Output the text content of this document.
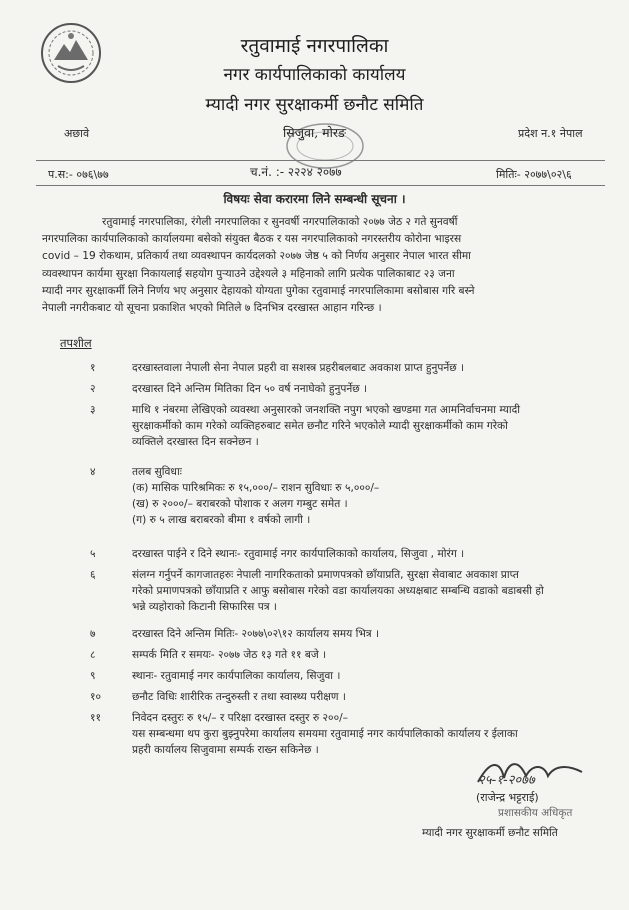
रतुवामाई नगरपालिका
नगर कार्यपालिकाको कार्यालय
म्यादी नगर सुरक्षाकर्मी छनौट समिति
सिजुवा, मोरङ
अछावे	प्रदेश न.१ नेपाल
प.स:- ०७६\७७	च.नं. :- २२२४ २०७७	मितिः- २०७७\०२\६
विषयः सेवा करारमा लिने सम्बन्धी सूचना ।
रतुवामाई नगरपालिका, रंगेली नगरपालिका र सुनवर्षी नगरपालिकाको २०७७ जेठ २ गते सुनवर्षी
नगरपालिका कार्यपालिकाको कार्यालयमा बसेको संयुक्त बैठक र यस नगरपालिकाको नगरस्तरीय कोरोना भाइरस
covid – 19 रोकथाम, प्रतिकार्य तथा व्यवस्थापन कार्यदलको २०७७ जेष्ठ ५ को निर्णय अनुसार नेपाल भारत सीमा
व्यवस्थापन कार्यमा सुरक्षा निकायलाई सहयोग पुऱ्याउने उद्देश्यले ३ महिनाको लागि प्रत्येक पालिकाबाट २३ जना
म्यादी नगर सुरक्षाकर्मी लिने निर्णय भए अनुसार देहायको योग्यता पुगेका रतुवामाई नगरपालिकामा बसोबास गरि बस्ने
नेपाली नगरीकबाट यो सूचना प्रकाशित भएको मितिले ७ दिनभित्र दरखास्त आहान गरिन्छ ।
तपशील
१	दरखास्तवाला नेपाली सेना नेपाल प्रहरी वा सशस्त्र प्रहरीबलबाट अवकाश प्राप्त हुनुपर्नेछ ।
२	दरखास्त दिने अन्तिम मितिका दिन ५० वर्ष ननाघेको हुनुपर्नेछ ।
३	माथि १ नंबरमा लेखिएको व्यवस्था अनुसारको जनशक्ति नपुग भएको खण्डमा गत आमनिर्वाचनमा म्यादी
सुरक्षाकर्मीको काम गरेको व्यक्तिहरुबाट समेत छनौट गरिने भएकोले म्यादी सुरक्षाकर्मीको काम गरेको
व्यक्तिले दरखास्त दिन सक्नेछन ।
४	तलब सुविधाः
(क) मासिक पारिश्रमिकः रु १५,०००/– राशन सुविधाः रु ५,०००/–
(ख) रु २०००/– बराबरको पोशाक र अलग गम्बुट समेत ।
(ग) रु ५ लाख बराबरको बीमा १ वर्षको लागी ।
५	दरखास्त पाईने र दिने स्थानः- रतुवामाई नगर कार्यपालिकाको कार्यालय, सिजुवा , मोरंग ।
६	संलग्न गर्नुपर्ने कागजातहरुः नेपाली नागरिकताको प्रमाणपत्रको छाँयाप्रति, सुरक्षा सेवाबाट अवकाश प्राप्त
गरेको प्रमाणपत्रको छाँयाप्रति र आफु बसोबास गरेको वडा कार्यालयका अध्यक्षबाट सम्बन्धि वडाको बडाबसी हो
भन्ने व्यहोराको किटानी सिफारिस पत्र ।
७	दरखास्त दिने अन्तिम मितिः- २०७७\०२\१२ कार्यालय समय भित्र ।
८	सम्पर्क मिति र समयः- २०७७ जेठ १३ गते ११ बजे ।
९	स्थानः- रतुवामाई नगर कार्यपालिका कार्यालय, सिजुवा ।
१०	छनौट विधिः शारीरिक तन्दुरुस्ती र तथा स्वास्थ्य परीक्षण ।
११	निवेदन दस्तुरः रु १५/– र परिक्षा दरखास्त दस्तुर रु २००/–
यस सम्बन्धमा थप कुरा बुझ्नुपरेमा कार्यालय समयमा रतुवामाई नगर कार्यपालिकाको कार्यालय र ईलाका
प्रहरी कार्यालय सिजुवामा सम्पर्क राख्न सकिनेछ ।
२५-१-२०७७
(राजेन्द्र भट्टराई)
प्रशासकीय अधिकृत
म्यादी नगर सुरक्षाकर्मी छनौट समिति
